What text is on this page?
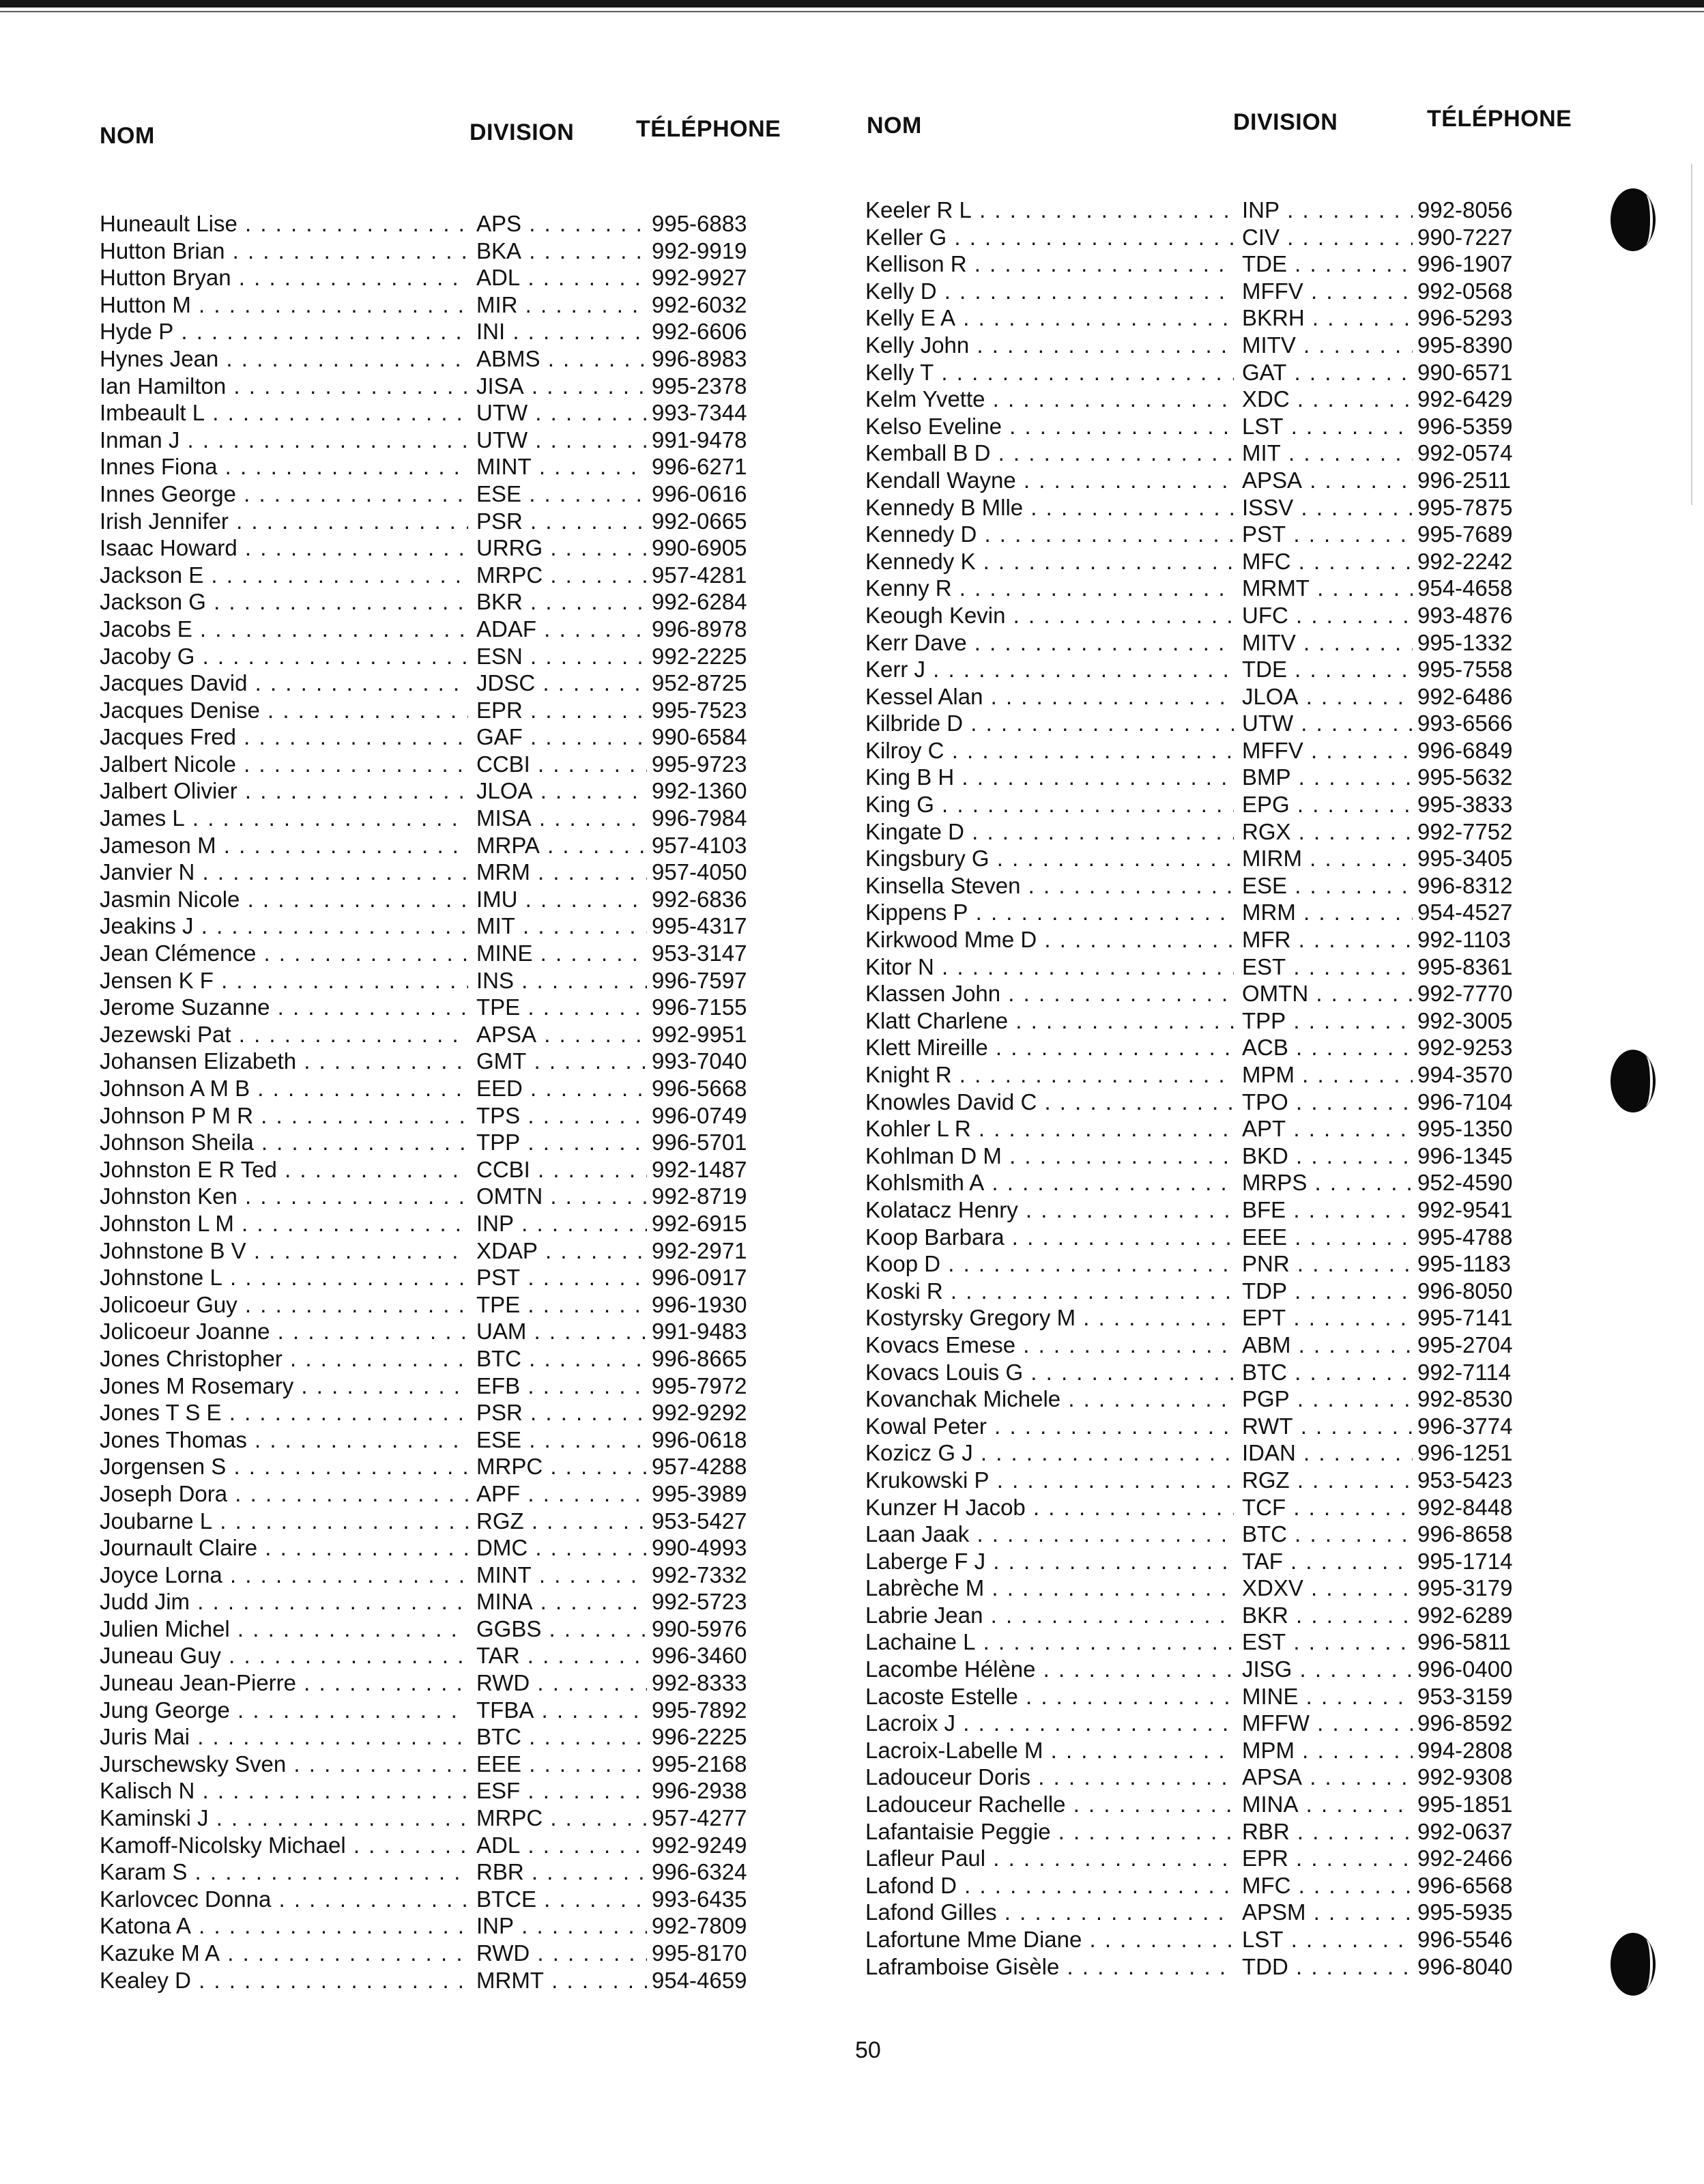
NOM	DIVISION	TÉLÉPHONE
Huneault Lise . . .	APS . . .	995-6883
Hutton Brian . . .	BKA . . .	992-9919
Hutton Bryan . . .	ADL . . .	992-9927
Hutton M . . .	MIR . . .	992-6032
Hyde P . . .	INI . . .	992-6606
Hynes Jean . . .	ABMS . . .	996-8983
Ian Hamilton . . .	JISA . . .	995-2378
Imbeault L . . .	UTW . . .	993-7344
Inman J . . .	UTW . . .	991-9478
Innes Fiona . . .	MINT . . .	996-6271
Innes George . . .	ESE . . .	996-0616
Irish Jennifer . . .	PSR . . .	992-0665
Isaac Howard . . .	URRG . . .	990-6905
Jackson E . . .	MRPC . . .	957-4281
Jackson G . . .	BKR . . .	992-6284
Jacobs E . . .	ADAF . . .	996-8978
Jacoby G . . .	ESN . . .	992-2225
Jacques David . . .	JDSC . . .	952-8725
Jacques Denise . . .	EPR . . .	995-7523
Jacques Fred . . .	GAF . . .	990-6584
Jalbert Nicole . . .	CCBI . . .	995-9723
Jalbert Olivier . . .	JLOA . . .	992-1360
James L . . .	MISA . . .	996-7984
Jameson M . . .	MRPA . . .	957-4103
Janvier N . . .	MRM . . .	957-4050
Jasmin Nicole . . .	IMU . . .	992-6836
Jeakins J . . .	MIT . . .	995-4317
Jean Clémence . . .	MINE . . .	953-3147
Jensen K F . . .	INS . . .	996-7597
Jerome Suzanne . . .	TPE . . .	996-7155
Jezewski Pat . . .	APSA . . .	992-9951
Johansen Elizabeth . . .	GMT . . .	993-7040
Johnson A M B . . .	EED . . .	996-5668
Johnson P M R . . .	TPS . . .	996-0749
Johnson Sheila . . .	TPP . . .	996-5701
Johnston E R Ted . . .	CCBI . . .	992-1487
Johnston Ken . . .	OMTN . . .	992-8719
Johnston L M . . .	INP . . .	992-6915
Johnstone B V . . .	XDAP . . .	992-2971
Johnstone L . . .	PST . . .	996-0917
Jolicoeur Guy . . .	TPE . . .	996-1930
Jolicoeur Joanne . . .	UAM . . .	991-9483
Jones Christopher . . .	BTC . . .	996-8665
Jones M Rosemary . . .	EFB . . .	995-7972
Jones T S E . . .	PSR . . .	992-9292
Jones Thomas . . .	ESE . . .	996-0618
Jorgensen S . . .	MRPC . . .	957-4288
Joseph Dora . . .	APF . . .	995-3989
Joubarne L . . .	RGZ . . .	953-5427
Journault Claire . . .	DMC . . .	990-4993
Joyce Lorna . . .	MINT . . .	992-7332
Judd Jim . . .	MINA . . .	992-5723
Julien Michel . . .	GGBS . . .	990-5976
Juneau Guy . . .	TAR . . .	996-3460
Juneau Jean-Pierre . . .	RWD . . .	992-8333
Jung George . . .	TFBA . . .	995-7892
Juris Mai . . .	BTC . . .	996-2225
Jurschewsky Sven . . .	EEE . . .	995-2168
Kalisch N . . .	ESF . . .	996-2938
Kaminski J . . .	MRPC . . .	957-4277
Kamoff-Nicolsky Michael . . .	ADL . . .	992-9249
Karam S . . .	RBR . . .	996-6324
Karlovcec Donna . . .	BTCE . . .	993-6435
Katona A . . .	INP . . .	992-7809
Kazuke M A . . .	RWD . . .	995-8170
Kealey D . . .	MRMT . . .	954-4659
NOM	DIVISION	TÉLÉPHONE
Keeler R L . . .	INP . . .	992-8056
Keller G . . .	CIV . . .	990-7227
Kellison R . . .	TDE . . .	996-1907
Kelly D . . .	MFFV . . .	992-0568
Kelly E A . . .	BKRH . . .	996-5293
Kelly John . . .	MITV . . .	995-8390
Kelly T . . .	GAT . . .	990-6571
Kelm Yvette . . .	XDC . . .	992-6429
Kelso Eveline . . .	LST . . .	996-5359
Kemball B D . . .	MIT . . .	992-0574
Kendall Wayne . . .	APSA . . .	996-2511
Kennedy B Mlle . . .	ISSV . . .	995-7875
Kennedy D . . .	PST . . .	995-7689
Kennedy K . . .	MFC . . .	992-2242
Kenny R . . .	MRMT . . .	954-4658
Keough Kevin . . .	UFC . . .	993-4876
Kerr Dave . . .	MITV . . .	995-1332
Kerr J . . .	TDE . . .	995-7558
Kessel Alan . . .	JLOA . . .	992-6486
Kilbride D . . .	UTW . . .	993-6566
Kilroy C . . .	MFFV . . .	996-6849
King B H . . .	BMP . . .	995-5632
King G . . .	EPG . . .	995-3833
Kingate D . . .	RGX . . .	992-7752
Kingsbury G . . .	MIRM . . .	995-3405
Kinsella Steven . . .	ESE . . .	996-8312
Kippens P . . .	MRM . . .	954-4527
Kirkwood Mme D . . .	MFR . . .	992-1103
Kitor N . . .	EST . . .	995-8361
Klassen John . . .	OMTN . . .	992-7770
Klatt Charlene . . .	TPP . . .	992-3005
Klett Mireille . . .	ACB . . .	992-9253
Knight R . . .	MPM . . .	994-3570
Knowles David C . . .	TPO . . .	996-7104
Kohler L R . . .	APT . . .	995-1350
Kohlman D M . . .	BKD . . .	996-1345
Kohlsmith A . . .	MRPS . . .	952-4590
Kolatacz Henry . . .	BFE . . .	992-9541
Koop Barbara . . .	EEE . . .	995-4788
Koop D . . .	PNR . . .	995-1183
Koski R . . .	TDP . . .	996-8050
Kostyrsky Gregory M . . .	EPT . . .	995-7141
Kovacs Emese . . .	ABM . . .	995-2704
Kovacs Louis G . . .	BTC . . .	992-7114
Kovanchak Michele . . .	PGP . . .	992-8530
Kowal Peter . . .	RWT . . .	996-3774
Kozicz G J . . .	IDAN . . .	996-1251
Krukowski P . . .	RGZ . . .	953-5423
Kunzer H Jacob . . .	TCF . . .	992-8448
Laan Jaak . . .	BTC . . .	996-8658
Laberge F J . . .	TAF . . .	995-1714
Labrèche M . . .	XDXV . . .	995-3179
Labrie Jean . . .	BKR . . .	992-6289
Lachaine L . . .	EST . . .	996-5811
Lacombe Hélène . . .	JISG . . .	996-0400
Lacoste Estelle . . .	MINE . . .	953-3159
Lacroix J . . .	MFFW . . .	996-8592
Lacroix-Labelle M . . .	MPM . . .	994-2808
Ladouceur Doris . . .	APSA . . .	992-9308
Ladouceur Rachelle . . .	MINA . . .	995-1851
Lafantaisie Peggie . . .	RBR . . .	992-0637
Lafleur Paul . . .	EPR . . .	992-2466
Lafond D . . .	MFC . . .	996-6568
Lafond Gilles . . .	APSM . . .	995-5935
Lafortune Mme Diane . . .	LST . . .	996-5546
Laframboise Gisèle . . .	TDD . . .	996-8040
50
